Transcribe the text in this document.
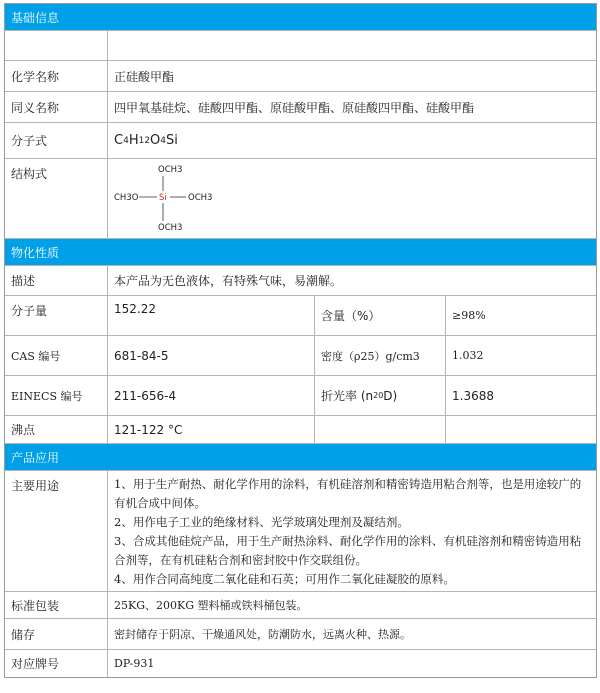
基础信息
化学名称	正硅酸甲酯
同义名称	四甲氧基硅烷、硅酸四甲酯、原硅酸甲酯、原硅酸四甲酯、硅酸甲酯
分子式	C 4 H 12 O 4 Si
结构式	OCH3
CH3O Si OCH3
OCH3
物化性质
描述	本产品为无色液体，有特殊气味，易潮解。
分子量	152.22	含量（%）	≥98%
CAS 编号	681-84-5	密度（ρ25）g/cm3	1.032
EINECS 编号	211-656-4	折光率 (n 20 D)	1.3688
沸点	121-122 °C
产品应用
主要用途	1、用于生产耐热、耐化学作用的涂料，有机硅溶剂和精密铸造用粘合剂等，也是用途较广的有机合成中间体。

2、用作电子工业的绝缘材料、光学玻璃处理剂及凝结剂。

3、合成其他硅烷产品，用于生产耐热涂料、耐化学作用的涂料、有机硅溶剂和精密铸造用粘合剂等，在有机硅粘合剂和密封胶中作交联组份。

4、用作合同高纯度二氧化硅和石英；可用作二氧化硅凝胶的原料。

标准包装	25KG、200KG 塑料桶或铁料桶包装。
储存	密封储存于阴凉、干燥通风处，防潮防水，远离火种、热源。
对应牌号	DP-931
